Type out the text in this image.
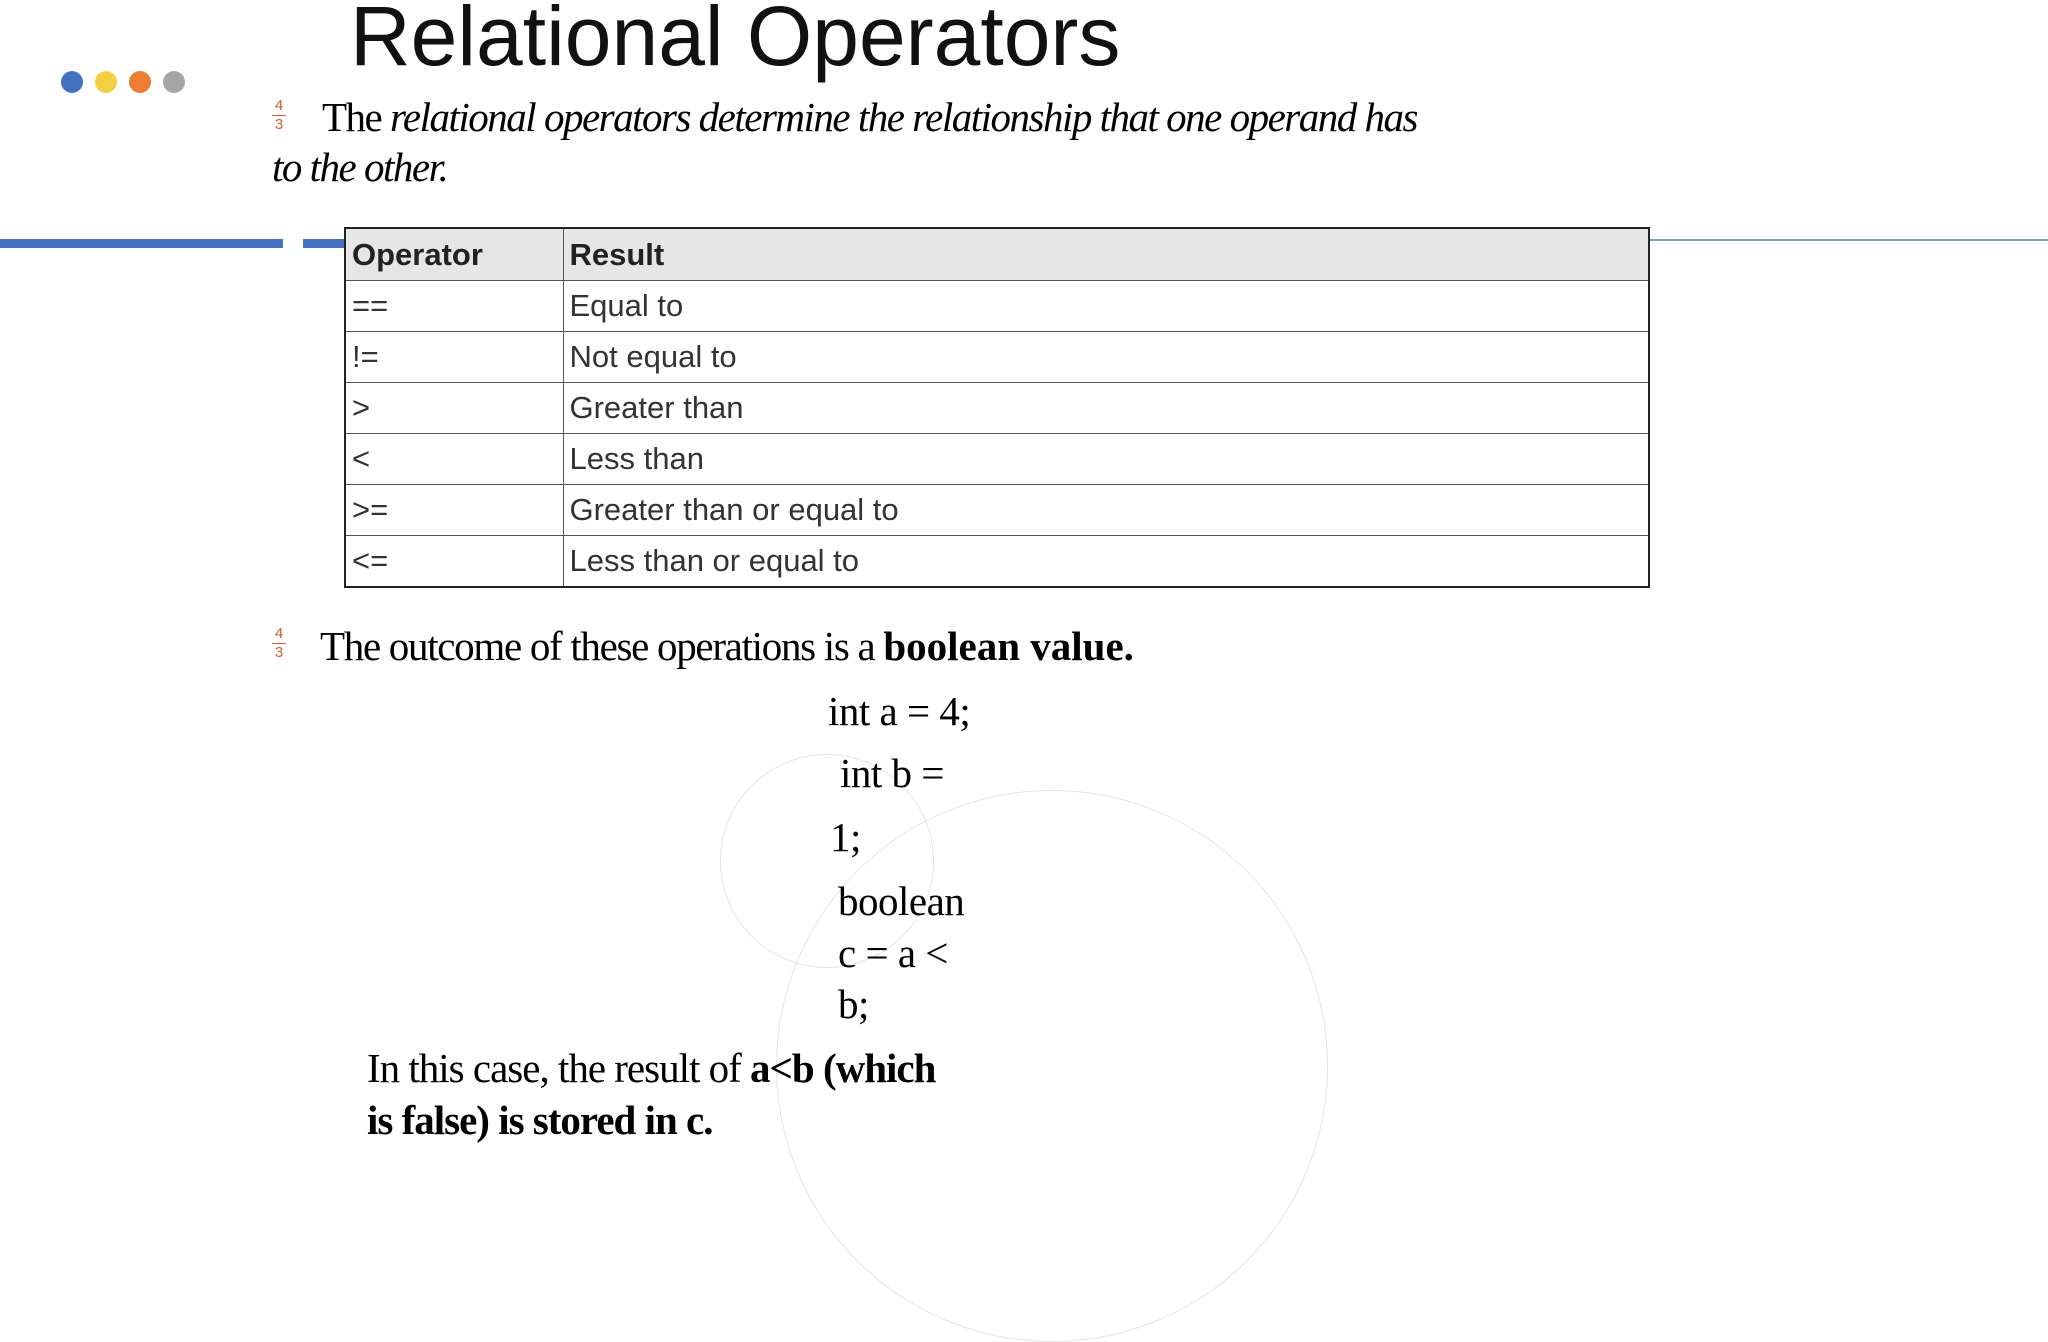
Relational Operators
4
3 The relational operators determine the relationship that one operand has to the other.
Operator	Result
==	Equal to
!=	Not equal to
>	Greater than
<	Less than
>=	Greater than or equal to
<=	Less than or equal to
4
3 The outcome of these operations is a boolean value.
int a = 4;
int b =
1;
boolean
c = a <
b;
In this case, the result of a<b (which
is false) is stored in c.
